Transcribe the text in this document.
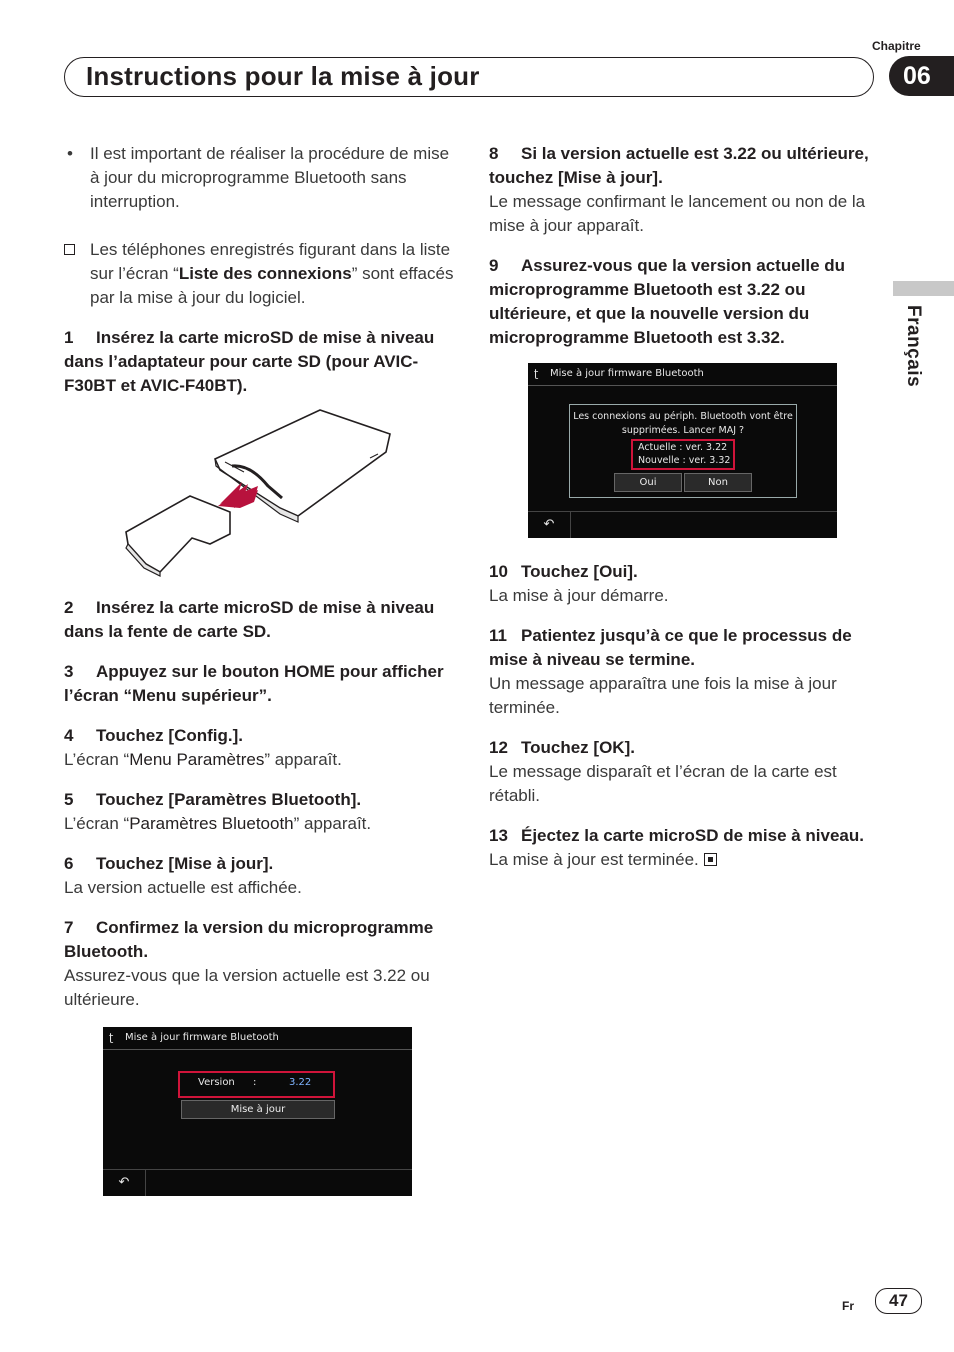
Chapitre
Instructions pour la mise à jour	06
Français

• Il est important de réaliser la procédure de mise à jour du microprogramme Bluetooth sans interruption.

Les téléphones enregistrés figurant dans la liste sur l’écran “Liste des connexions” sont effacés par la mise à jour du logiciel.

1 Insérez la carte microSD de mise à niveau dans l’adaptateur pour carte SD (pour AVIC-F30BT et AVIC-F40BT).

2 Insérez la carte microSD de mise à niveau dans la fente de carte SD.

3 Appuyez sur le bouton HOME pour afficher l’écran “Menu supérieur”.

4 Touchez [Config.].

L’écran “Menu Paramètres” apparaît.

5 Touchez [Paramètres Bluetooth].

L’écran “Paramètres Bluetooth” apparaît.

6 Touchez [Mise à jour].

La version actuelle est affichée.

7 Confirmez la version du microprogramme Bluetooth.

Assurez-vous que la version actuelle est 3.22 ou ultérieure.

ʈ Mise à jour firmware Bluetooth
Version :	3.22
Mise à jour
↶

8 Si la version actuelle est 3.22 ou ultérieure, touchez [Mise à jour].

Le message confirmant le lancement ou non de la mise à jour apparaît.

9 Assurez-vous que la version actuelle du microprogramme Bluetooth est 3.22 ou ultérieure, et que la nouvelle version du microprogramme Bluetooth est 3.32.

ʈ Mise à jour firmware Bluetooth
Les connexions au périph. Bluetooth vont être
supprimées. Lancer MAJ ?
Actuelle : ver. 3.22
Nouvelle : ver. 3.32
Oui	Non
↶

10 Touchez [Oui].

La mise à jour démarre.

11 Patientez jusqu’à ce que le processus de mise à niveau se termine.

Un message apparaîtra une fois la mise à jour terminée.

12 Touchez [OK].

Le message disparaît et l’écran de la carte est rétabli.

13 Éjectez la carte microSD de mise à niveau.

La mise à jour est terminée.

Fr	47
